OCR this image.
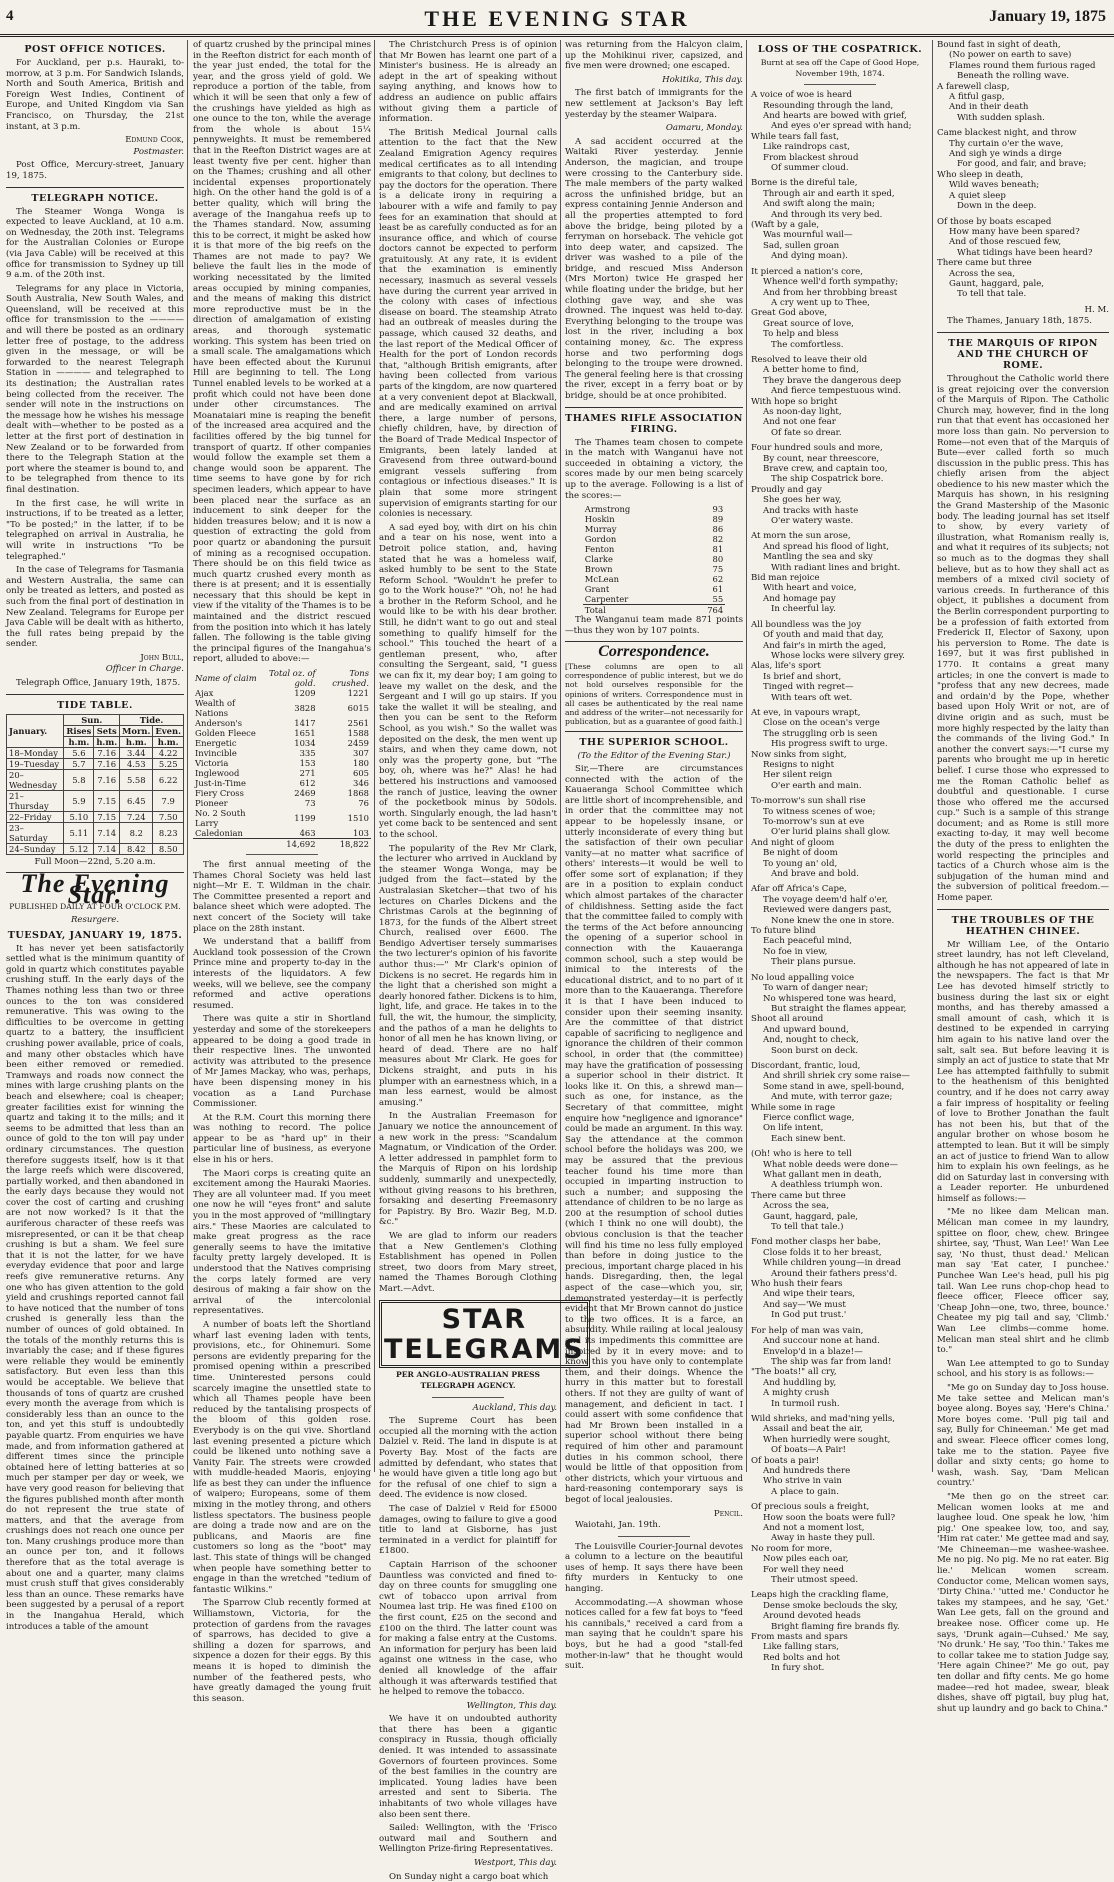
4	THE EVENING STAR	January 19, 1875
POST OFFICE NOTICES.

For Auckland, per p.s. Hauraki, to-morrow, at 3 p.m. For Sandwich Islands, North and South America, British and Foreign West Indies, Continent of Europe, and United Kingdom via San Francisco, on Thursday, the 21st instant, at 3 p.m.

Edmund Cook,
Postmaster.

Post Office, Mercury-street, January 19, 1875.

TELEGRAPH NOTICE.

The Steamer Wonga Wonga is expected to leave Auckland, at 10 a.m. on Wednesday, the 20th inst. Telegrams for the Australian Colonies or Europe (via Java Cable) will be received at this office for transmission to Sydney up till 9 a.m. of the 20th inst.

Telegrams for any place in Victoria, South Australia, New South Wales, and Queensland, will be received at this office for transmission to the ———— and will there be posted as an ordinary letter free of postage, to the address given in the message, or will be forwarded to the nearest Telegraph Station in ———— and telegraphed to its destination; the Australian rates being collected from the receiver. The sender will note in the instructions on the message how he wishes his message dealt with—whether to be posted as a letter at the first port of destination in New Zealand or to be forwarded from there to the Telegraph Station at the port where the steamer is bound to, and to be telegraphed from thence to its final destination.

In the first case, he will write in instructions, if to be treated as a letter, "To be posted;" in the latter, if to be telegraphed on arrival in Australia, he will write in instructions "To be telegraphed."

In the case of Telegrams for Tasmania and Western Australia, the same can only be treated as letters, and posted as such from the final port of destination in New Zealand. Telegrams for Europe per Java Cable will be dealt with as hitherto, the full rates being prepaid by the sender.

John Bull,
Officer in Charge.

Telegraph Office, January 19th, 1875.

TIDE TABLE.
January.	Sun.		Tide.	
	Rises	Sets	Morn.	Even.
	h.m.	h.m.	h.m.	h.m.
18–Monday	5.6	7.16	3.44	4.22
19–Tuesday	5.7	7.16	4.53	5.25
20–Wednesday	5.8	7.16	5.58	6.22
21–Thursday	5.9	7.15	6.45	7.9
22–Friday	5.10	7.15	7.24	7.50
23–Saturday	5.11	7.14	8.2	8.23
24–Sunday	5.12	7.14	8.42	8.50

Full Moon—22nd, 5.20 a.m.

The Evening Star.
PUBLISHED DAILY AT FOUR O'CLOCK P.M.
Resurgere.
TUESDAY, JANUARY 19, 1875.

It has never yet been satisfactorily settled what is the minimum quantity of gold in quartz which constitutes payable crushing stuff. In the early days of the Thames nothing less than two or three ounces to the ton was considered remunerative. This was owing to the difficulties to be overcome in getting quartz to a battery, the insufficient crushing power available, price of coals, and many other obstacles which have been either removed or remedied. Tramways and roads now connect the mines with large crushing plants on the beach and elsewhere; coal is cheaper; greater facilities exist for winning the quartz and taking it to the mills; and it seems to be admitted that less than an ounce of gold to the ton will pay under ordinary circumstances. The question therefore suggests itself, how is it that the large reefs which were discovered, partially worked, and then abandoned in the early days because they would not cover the cost of carting and crushing are not now worked? Is it that the auriferous character of these reefs was misrepresented, or can it be that cheap crushing is but a sham. We feel sure that it is not the latter, for we have everyday evidence that poor and large reefs give remunerative returns. Any one who has given attention to the gold yield and crushings reported cannot fail to have noticed that the number of tons crushed is generally less than the number of ounces of gold obtained. In the totals of the monthly returns this is invariably the case; and if these figures were reliable they would be eminently satisfactory. But even less than this would be acceptable. We believe that thousands of tons of quartz are crushed every month the average from which is considerably less than an ounce to the ton, and yet this stuff is undoubtedly payable quartz. From enquiries we have made, and from information gathered at different times since the principle obtained here of letting batteries at so much per stamper per day or week, we have very good reason for believing that the figures published month after month do not represent the true state of matters, and that the average from crushings does not reach one ounce per ton. Many crushings produce more than an ounce per ton, and it follows therefore that as the total average is about one and a quarter, many claims must crush stuff that gives considerably less than an ounce. These remarks have been suggested by a perusal of a report in the Inangahua Herald, which introduces a table of the amount

of quartz crushed by the principal mines in the Reefton district for each month of the year just ended, the total for the year, and the gross yield of gold. We reproduce a portion of the table, from which it will be seen that only a few of the crushings have yielded as high as one ounce to the ton, while the average from the whole is about 15¼ pennyweights. It must be remembered that in the Reefton District wages are at least twenty five per cent. higher than on the Thames; crushing and all other incidental expenses proportionately high. On the other hand the gold is of a better quality, which will bring the average of the Inangahua reefs up to the Thames standard. Now, assuming this to be correct, it might be asked how it is that more of the big reefs on the Thames are not made to pay? We believe the fault lies in the mode of working necessitated by the limited areas occupied by mining companies, and the means of making this district more reproductive must be in the direction of amalgamation of existing areas, and thorough systematic working. This system has been tried on a small scale. The amalgamations which have been effected about the Kurunui Hill are beginning to tell. The Long Tunnel enabled levels to be worked at a profit which could not have been done under other circumstances. The Moanataiari mine is reaping the benefit of the increased area acquired and the facilities offered by the big tunnel for transport of quartz. If other companies would follow the example set them a change would soon be apparent. The time seems to have gone by for rich specimen leaders, which appear to have been placed near the surface as an inducement to sink deeper for the hidden treasures below; and it is now a question of extracting the gold from poor quartz or abandoning the pursuit of mining as a recognised occupation. There should be on this field twice as much quartz crushed every month as there is at present; and it is essentially necessary that this should be kept in view if the vitality of the Thames is to be maintained and the district rescued from the position into which it has lately fallen. The following is the table giving the principal figures of the Inangahua's report, alluded to above:—

Name of claim	Total oz. of gold.	Tons crushed.
Ajax	1209	1221
Wealth of Nations	3828	6015
Anderson's	1417	2561
Golden Fleece	1651	1588
Energetic	1034	2459
Invincible	335	307
Victoria	153	180
Inglewood	271	605
Just-in-Time	612	346
Fiery Cross	2469	1868
Pioneer	73	76
No. 2 South Larry	1199	1510
Caledonian	463	103
	14,692	18,822

The first annual meeting of the Thames Choral Society was held last night—Mr E. T. Wildman in the chair. The Committee presented a report and balance sheet which were adopted. The next concert of the Society will take place on the 28th instant.

We understand that a bailiff from Auckland took possession of the Crown Prince mine and property to-day in the interests of the liquidators. A few weeks, will we believe, see the company reformed and active operations resumed.

There was quite a stir in Shortland yesterday and some of the storekeepers appeared to be doing a good trade in their respective lines. The unwonted activity was attributed to the presence of Mr James Mackay, who was, perhaps, have been dispensing money in his vocation as a Land Purchase Commissioner.

At the R.M. Court this morning there was nothing to record. The police appear to be as "hard up" in their particular line of business, as everyone else in his or hers.

The Maori corps is creating quite an excitement among the Hauraki Maories. They are all volunteer mad. If you meet one now he will "eyes front" and salute you in the most approved of "millingtary airs." These Maories are calculated to make great progress as the race generally seems to have the imitative faculty pretty largely developed. It is understood that the Natives comprising the corps lately formed are very desirous of making a fair show on the arrival of the intercolonial representatives.

A number of boats left the Shortland wharf last evening laden with tents, provisions, etc., for Ohinemuri. Some persons are evidently preparing for the promised opening within a prescribed time. Uninterested persons could scarcely imagine the unsettled state to which all Thames people have been reduced by the tantalising prospects of the bloom of this golden rose. Everybody is on the qui vive. Shortland last evening presented a picture which could be likened unto nothing save a Vanity Fair. The streets were crowded with muddle-headed Maoris, enjoying life as best they can under the influence of waipero; Europeans, some of them mixing in the motley throng, and others listless spectators. The business people are doing a trade now and are on the publicans, and Maoris are fine customers so long as the "boot" may last. This state of things will be changed when people have something better to engage in than the wretched "tedium of fantastic Wilkins."

The Sparrow Club recently formed at Williamstown, Victoria, for the protection of gardens from the ravages of sparrows, has decided to give a shilling a dozen for sparrows, and sixpence a dozen for their eggs. By this means it is hoped to diminish the number of the feathered pests, who have greatly damaged the young fruit this season.

The Christchurch Press is of opinion that Mr Bowen has learnt one part of a Minister's business. He is already an adept in the art of speaking without saying anything, and knows how to address an audience on public affairs without giving them a particle of information.

The British Medical Journal calls attention to the fact that the New Zealand Emigration Agency requires medical certificates as to all intending emigrants to that colony, but declines to pay the doctors for the operation. There is a delicate irony in requiring a labourer with a wife and family to pay fees for an examination that should at least be as carefully conducted as for an insurance office, and which of course doctors cannot be expected to perform gratuitously. At any rate, it is evident that the examination is eminently necessary, inasmuch as several vessels have during the current year arrived in the colony with cases of infectious disease on board. The steamship Atrato had an outbreak of measles during the passage, which caused 32 deaths, and the last report of the Medical Officer of Health for the port of London records that, "although British emigrants, after having been collected from various parts of the kingdom, are now quartered at a very convenient depot at Blackwall, and are medically examined on arrival there, a large number of persons, chiefly children, have, by direction of the Board of Trade Medical Inspector of Emigrants, been lately landed at Gravesend from three outward-bound emigrant vessels suffering from contagious or infectious diseases." It is plain that some more stringent supervision of emigrants starting for our colonies is necessary.

A sad eyed boy, with dirt on his chin and a tear on his nose, went into a Detroit police station, and, having stated that he was a homeless waif, asked humbly to be sent to the State Reform School. "Wouldn't he prefer to go to the Work house?" "Oh, no! he had a brother in the Reform School, and he would like to be with his dear brother. Still, he didn't want to go out and steal something to qualify himself for the school." This touched the heart of a gentleman present, who, after consulting the Sergeant, said, "I guess we can fix it, my dear boy; I am going to leave my wallet on the desk, and the Sergeant and I will go up stairs. If you take the wallet it will be stealing, and then you can be sent to the Reform School, as you wish." So the wallet was deposited on the desk, the men went up stairs, and when they came down, not only was the property gone, but "The boy, oh, where was he?" Alas! he had bettered his instructions and vamoosed the ranch of justice, leaving the owner of the pocketbook minus by 50dols. worth. Singularly enough, the lad hasn't yet come back to be sentenced and sent to the school.

The popularity of the Rev Mr Clark, the lecturer who arrived in Auckland by the steamer Wonga Wonga, may be judged from the fact—stated by the Australasian Sketcher—that two of his lectures on Charles Dickens and the Christmas Carols at the beginning of 1873, for the funds of the Albert street Church, realised over £600. The Bendigo Advertiser tersely summarises the two lecturer's opinion of his favorite author thus:—" Mr Clark's opinion of Dickens is no secret. He regards him in the light that a cherished son might a dearly honored father. Dickens is to him, light, life, and grace. He takes in to the full, the wit, the humour, the simplicity, and the pathos of a man he delights to honor of all men he has known living, or heard of dead. There are no half measures about Mr Clark. He goes for Dickens straight, and puts in his plumper with an earnestness which, in a man less earnest, would be almost amusing."

In the Australian Freemason for January we notice the announcement of a new work in the press: "Scandalum Magnatum, or Vindication of the Order. A letter addressed in pamphlet form to the Marquis of Ripon on his lordship suddenly, summarily and unexpectedly, without giving reasons to his brethren, forsaking and deserting Freemasonry for Papistry. By Bro. Wazir Beg, M.D. &c."

We are glad to inform our readers that a New Gentlemen's Clothing Establishment has opened in Pollen street, two doors from Mary street, named the Thames Borough Clothing Mart.—Advt.

STAR TELEGRAMS
PER ANGLO-AUSTRALIAN PRESS TELEGRAPH AGENCY.
Auckland, This day.

The Supreme Court has been occupied all the morning with the action Dalziel v. Reid. The land in dispute is at Poverty Bay. Most of the facts are admitted by defendant, who states that he would have given a title long ago but for the refusal of one chief to sign a deed. The evidence is now closed.

The case of Dalziel v Reid for £5000 damages, owing to failure to give a good title to land at Gisborne, has just terminated in a verdict for plaintiff for £1800.

Captain Harrison of the schooner Dauntless was convicted and fined to-day on three counts for smuggling one cwt of tobacco upon arrival from Noumea last trip. He was fined £100 on the first count, £25 on the second and £100 on the third. The latter count was for making a false entry at the Customs. An information for perjury has been laid against one witness in the case, who denied all knowledge of the affair although it was afterwards testified that he helped to remove the tobacco.

Wellington, This day.

We have it on undoubted authority that there has been a gigantic conspiracy in Russia, though officially denied. It was intended to assassinate Governors of fourteen provinces. Some of the best families in the country are implicated. Young ladies have been arrested and sent to Siberia. The inhabitants of two whole villages have also been sent there.

Sailed: Wellington, with the 'Frisco outward mail and Southern and Wellington Prize-firing Representatives.

Westport, This day.

On Sunday night a cargo boat which

was returning from the Halcyon claim, up the Mohikinui river, capsized, and five men were drowned; one escaped.

Hokitika, This day.

The first batch of immigrants for the new settlement at Jackson's Bay left yesterday by the steamer Waipara.

Oamaru, Monday.

A sad accident occurred at the Waitaki River yesterday. Jennie Anderson, the magician, and troupe were crossing to the Canterbury side. The male members of the party walked across the unfinished bridge, but an express containing Jennie Anderson and all the properties attempted to ford above the bridge, being piloted by a ferryman on horseback. The vehicle got into deep water, and capsized. The driver was washed to a pile of the bridge, and rescued Miss Anderson (Mrs Morton) twice He grasped her while floating under the bridge, but her clothing gave way, and she was drowned. The inquest was held to-day. Everything belonging to the troupe was lost in the river, including a box containing money, &c. The express horse and two performing dogs belonging to the troupe were drowned. The general feeling here is that crossing the river, except in a ferry boat or by bridge, should be at once prohibited.

THAMES RIFLE ASSOCIATION FIRING.

The Thames team chosen to compete in the match with Wanganui have not succeeded in obtaining a victory, the scores made by our men being scarcely up to the average. Following is a list of the scores:—

Armstrong	93
Hoskin	89
Murray	86
Gordon	82
Fenton	81
Clarke	80
Brown	75
McLean	62
Grant	61
Carpenter	55
Total	764

The Wanganui team made 871 points —thus they won by 107 points.

Correspondence.

[These columns are open to all correspondence of public interest, but we do not hold ourselves responsible for the opinions of writers. Correspondence must in all cases be authenticated by the real name and address of the writer—not necessarily for publication, but as a guarantee of good faith.]

THE SUPERIOR SCHOOL.
(To the Editor of the Evening Star.)

Sir,—There are circumstances connected with the action of the Kauaeranga School Committee which are little short of incomprehensible, and in order that the committee may not appear to be hopelessly insane, or utterly inconsiderate of every thing but the satisfaction of their own peculiar vanity—at no matter what sacrifice of others' interests—it would be well to offer some sort of explanation; if they are in a position to explain conduct which almost partakes of the character of childishness. Setting aside the fact that the committee failed to comply with the terms of the Act before announcing the opening of a superior school in connection with the Kauaeranga common school, such a step would be inimical to the interests of the educational district, and to no part of it more than to the Kauaeranga. Therefore it is that I have been induced to consider upon their seeming insanity. Are the committee of that district capable of sacrificing to negligence and ignorance the children of their common school, in order that (the committee) may have the gratification of possessing a superior school in their district. It looks like it. On this, a shrewd man—such as one, for instance, as the Secretary of that committee, might enquire how "negligence and ignorance" could be made an argument. In this way. Say the attendance at the common school before the holidays was 200, we may be assured that the previous teacher found his time more than occupied in imparting instruction to such a number; and supposing the attendance of children to be no large as 200 at the resumption of school duties (which I think no one will doubt), the obvious conclusion is that the teacher will find his time no less fully employed than before in doing justice to the precious, important charge placed in his hands. Disregarding, then, the legal aspect of the case—which you, sir, demonstrated yesterday—it is perfectly evident that Mr Brown cannot do justice to the two offices. It is a farce, an absurdity. While railing at local jealousy and its impediments this committee are inspired by it in every move: and to know this you have only to contemplate them, and their doings. Whence the hurry in this matter but to forestall others. If not they are guilty of want of management, and deficient in tact. I could assert with some confidence that had Mr Brown been installed in a superior school without there being required of him other and paramount duties in his common school, there would be little of that opposition from other districts, which your virtuous and hard-reasoning contemporary says is begot of local jealousies.

Pencil.

Waiotahi, Jan. 19th.

The Louisville Courier-Journal devotes a column to a lecture on the beautiful uses of hemp. It says there have been fifty murders in Kentucky to one hanging.

Accommodating.—A showman whose notices called for a few fat boys to "feed his cannibals," received a card from a man saying that he couldn't spare his boys, but he had a good "stall-fed mother-in-law" that he thought would suit.

LOSS OF THE COSPATRICK.
Burnt at sea off the Cape of Good Hope, November 19th, 1874.
A voice of woe is heard
Resounding through the land,
And hearts are bowed with grief,
And eyes o'er spread with hand;
While tears fall fast,
Like raindrops cast,
From blackest shroud
Of summer cloud.
Borne is the direful tale,
Through air and earth it sped,
And swift along the main;
And through its very bed.
(Waft by a gale,
Was mournful wail—
Sad, sullen groan
And dying moan).
It pierced a nation's core,
Whence well'd forth sympathy;
And from her throbbing breast
A cry went up to Thee,
Great God above,
Great source of love,
To help and bless
The comfortless.
Resolved to leave their old
A better home to find,
They brave the dangerous deep
And fierce tempestuous wind.
With hope so bright
As noon-day light,
And not one fear
Of fate so drear.
Four hundred souls and more,
By count, near threescore,
Brave crew, and captain too,
The ship Cospatrick bore.
Proudly and gay
She goes her way,
And tracks with haste
O'er watery waste.
At morn the sun arose,
And spread his flood of light,
Mantling the sea and sky
With radiant lines and bright.
Bid man rejoice
With heart and voice,
And homage pay
In cheerful lay.
All boundless was the joy
Of youth and maid that day,
And fair's in mirth the aged,
Whose locks were silvery grey.
Alas, life's sport
Is brief and short,
Tinged with regret—
With tears oft wet.
At eve, in vapours wrapt,
Close on the ocean's verge
The struggling orb is seen
His progress swift to urge.
Now sinks from sight,
Resigns to night
Her silent reign
O'er earth and main.
To-morrow's sun shall rise
To witness scenes of woe;
To-morrow's sun at eve
O'er lurid plains shall glow.
And night of gloom
Be night of doom
To young an' old,
And brave and bold.
Afar off Africa's Cape,
The voyage deem'd half o'er,
Reviewed were dangers past,
None knew the one in store.
To future blind
Each peaceful mind,
No foe in view,
Their plans pursue.
No loud appalling voice
To warn of danger near;
No whispered tone was heard,
But straight the flames appear,
Shoot all around
And upward bound,
And, nought to check,
Soon burst on deck.
Discordant, frantic, loud,
And shrill shriek cry some raise—
Some stand in awe, spell-bound,
And mute, with terror gaze;
While some in rage
Fierce conflict wage,
On life intent,
Each sinew bent.
(Oh! who is here to tell
What noble deeds were done—
What gallant men in death,
A deathless triumph won.
There came but three
Across the sea,
Gaunt, haggard, pale,
To tell that tale.)
Fond mother clasps her babe,
Close folds it to her breast,
While children young—in dread
Around their fathers press'd.
Who hush their fears
And wipe their tears,
And say—'We must
In God put trust.'
For help of man was vain,
And succour none at hand.
Envelop'd in a blaze!—
The ship was far from land!
"The boats!" all cry,
And huddling by,
A mighty crush
In turmoil rush.
Wild shrieks, and mad'ning yells,
Assail and beat the air,
When hurriedly were sought,
Of boats—A Pair!
Of boats a pair!
And hundreds there
Who strive in vain
A place to gain.
Of precious souls a freight,
How soon the boats were full?
And not a moment lost,
Away in haste they pull.
No room for more,
Now piles each oar,
For well they need
Their utmost speed.
Leaps high the crackling flame,
Dense smoke beclouds the sky,
Around devoted heads
Bright flaming fire brands fly.
From masts and spars
Like falling stars,
Red bolts and hot
In fury shot.
Bound fast in sight of death,
(No power on earth to save)
Flames round them furious raged
Beneath the rolling wave.
A farewell clasp,
A fitful gasp,
And in their death
With sudden splash.
Came blackest night, and throw
Thy curtain o'er the wave,
And sigh ye winds a dirge
For good, and fair, and brave;
Who sleep in death,
Wild waves beneath;
A quiet sleep
Down in the deep.
Of those by boats escaped
How many have been spared?
And of those rescued few,
What tidings have been heard?
There came but three
Across the sea,
Gaunt, haggard, pale,
To tell that tale.
H. M.

The Thames, January 18th, 1875.

THE MARQUIS OF RIPON AND THE CHURCH OF ROME.

Throughout the Catholic world there is great rejoicing over the conversion of the Marquis of Ripon. The Catholic Church may, however, find in the long run that that event has occasioned her more loss than gain. No perversion to Rome—not even that of the Marquis of Bute—ever called forth so much discussion in the public press. This has chiefly arisen from the abject obedience to his new master which the Marquis has shown, in his resigning the Grand Mastership of the Masonic body. The leading journal has set itself to show, by every variety of illustration, what Romanism really is, and what it requires of its subjects; not so much as to the dogmas they shall believe, but as to how they shall act as members of a mixed civil society of various creeds. In furtherance of this object, it publishes a document from the Berlin correspondent purporting to be a profession of faith extorted from Frederick II, Elector of Saxony, upon his perversion to Rome. The date is 1697, but it was first published in 1770. It contains a great many articles; in one the convert is made to "profess that any new decrees, made and ordain'd by the Pope, whether based upon Holy Writ or not, are of divine origin and as such, must be more highly respected by the laity than the commands of the living God." In another the convert says:—"I curse my parents who brought me up in heretic belief. I curse those who expressed to me the Roman Catholic belief as doubtful and questionable. I curse those who offered me the accursed cup." Such is a sample of this strange document; and as Rome is still more exacting to-day, it may well become the duty of the press to enlighten the world respecting the principles and tactics of a Church whose aim is the subjugation of the human mind and the subversion of political freedom.—Home paper.

THE TROUBLES OF THE HEATHEN CHINEE.

Mr William Lee, of the Ontario street laundry, has not left Cleveland, although he has not appeared of late in the newspapers. The fact is that Mr Lee has devoted himself strictly to business during the last six or eight months, and has thereby amassed a small amount of cash, which it is destined to be expended in carrying him again to his native land over the salt, salt sea. But before leaving it is simply an act of justice to state that Mr Lee has attempted faithfully to submit to the heathenism of this benighted country, and if he does not carry away a fair impress of hospitality or feeling of love to Brother Jonathan the fault has not been his, but that of the angular brother on whose bosom he attempted to lean. But it will be simply an act of justice to friend Wan to allow him to explain his own feelings, as he did on Saturday last in conversing with a Leader reporter. He unburdened himself as follows:—

"Me no likee dam Melican man. Mélican man comee in my laundry, spittee on floor, chew, chew. Bringee shirtee, say, 'Thust, Wan Lee!' Wan Lee say, 'No thust, thust dead.' Melican man say 'Eat cater, I punchee.' Punchee Wan Lee's head, pull his pig tail. Wan Lee runs chop-chop head to fleece officer, Fleece officer say, 'Cheap John—one, two, three, bounce.' Cheatee my pig tail and say, 'Climb.' Wan Lee climbs—comme home. Melican man steal shirt and he climb to."

Wan Lee attempted to go to Sunday school, and his story is as follows:—

"Me go on Sunday day to Joss house. Me take settee and Melican man's boyee along. Boyes say, 'Here's China.' More boyes come. 'Pull pig tail and say, Bully for Chineeman.' Me get mad and swear. Fleece officer comes long, take me to the station. Payee five dollar and sixty cents; go home to wash, wash. Say, 'Dam Melican country.'

"Me then go on the street car. Melican women looks at me and laughee loud. One speak he low, 'him pig.' One speakee low, too, and say, 'Him rat cater.' Me gettee mad and say, 'Me Chineeman—me washee-washee. Me no pig. No pig. Me no rat eater. Big lie.' Melican women scream. Conductor come, Melican women says, 'Dirty China.' 'utted me.' Conductor he takes my stampees, and he say, 'Get.' Wan Lee gets, fall on the ground and breakee nose. Officer come up. He says, 'Drunk again—Cuhsed.' Me say, 'No drunk.' He say, 'Too thin.' Takes me to collar takee me to station Judge say, 'Here again Chinee?' Me go out, pay ten dollar and fifty cents. Me go home madee—red hot madee, swear, bleak dishes, shave off pigtail, buy plug hat, shut up laundry and go back to China."
